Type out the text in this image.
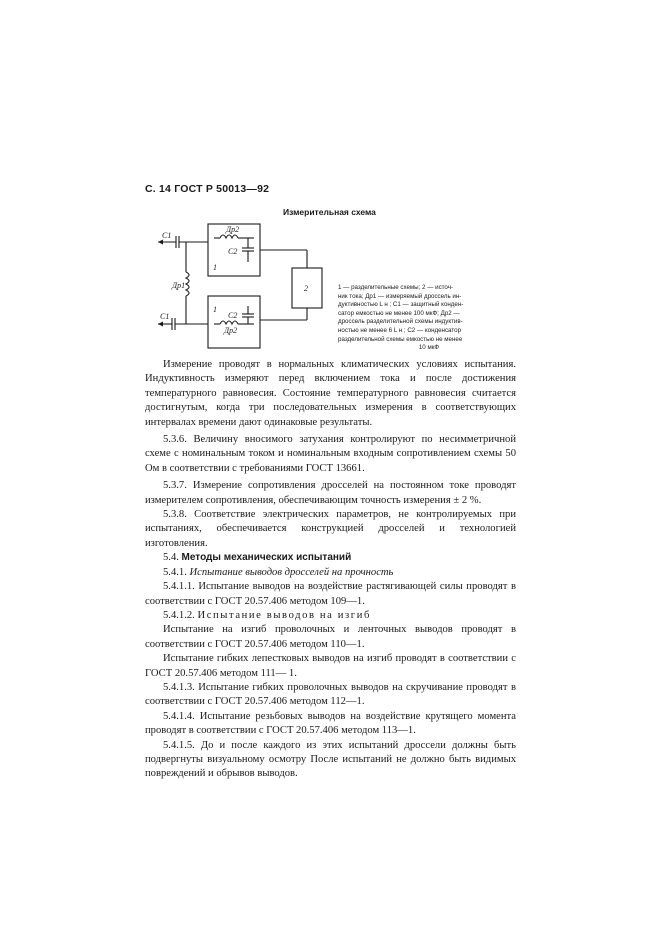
С. 14 ГОСТ Р 50013—92
Измерительная схема
C1
C1
Др1
Др2
Др2
C2
C2
1
1
2	1 — разделительные схемы; 2 — источ-

ник тока; Др1 — измеряемый дроссель ин-

дуктивностью L н ; C1 — защитный конден-

сатор емкостью не менее 100 мкФ; Др2 —

дроссель разделительной схемы индуктив-

ностью не менее 6 L н ; C2 — конденсатор

разделительной схемы емкостью не менее

10 мкФ

Измерение проводят в нормальных климатических условиях испытания. Индуктивность измеряют перед включением тока и после достижения температурного равновесия. Состояние температурного равновесия считается достигнутым, когда три последовательных измерения в соответствующих интервалах времени дают одинаковые результаты.

5.3.6. Величину вносимого затухания контролируют по несимметричной схеме с номинальным током и номинальным входным сопротивлением схемы 50 Ом в соответствии с требованиями ГОСТ 13661.

5.3.7. Измерение сопротивления дросселей на постоянном токе проводят измерителем сопротивления, обеспечивающим точность измерения ± 2 %.

5.3.8. Соответствие электрических параметров, не контролируемых при испытаниях, обеспечивается конструкцией дросселей и технологией изготовления.

5.4. Методы механических испытаний

5.4.1. Испытание выводов дросселей на прочность

5.4.1.1. Испытание выводов на воздействие растягивающей силы проводят в соответствии с ГОСТ 20.57.406 методом 109—1.

5.4.1.2. Испытание выводов на изгиб

Испытание на изгиб проволочных и ленточных выводов проводят в соответствии с ГОСТ 20.57.406 методом 110—1.

Испытание гибких лепестковых выводов на изгиб проводят в соответствии с ГОСТ 20.57.406 методом 111— 1.

5.4.1.3. Испытание гибких проволочных выводов на скручивание проводят в соответствии с ГОСТ 20.57.406 методом 112—1.

5.4.1.4. Испытание резьбовых выводов на воздействие крутящего момента проводят в соответствии с ГОСТ 20.57.406 методом 113—1.

5.4.1.5. До и после каждого из этих испытаний дроссели должны быть подвергнуты визуальному осмотру После испытаний не должно быть видимых повреждений и обрывов выводов.
